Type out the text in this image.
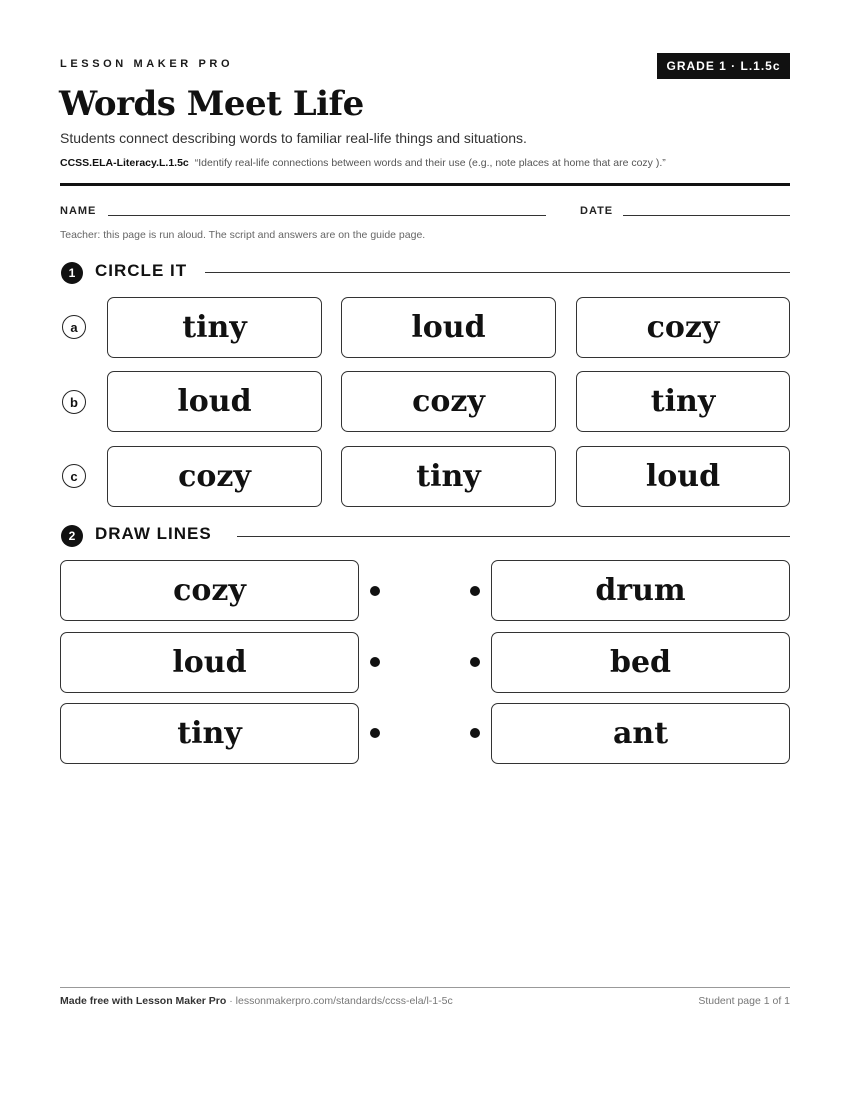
LESSON MAKER PRO	GRADE 1 · L.1.5c
Words Meet Life
Students connect describing words to familiar real-life things and situations.
CCSS.ELA-Literacy.L.1.5c “Identify real-life connections between words and their use (e.g., note places at home that are cozy ).”
NAME	DATE
Teacher: this page is run aloud. The script and answers are on the guide page.
1	CIRCLE IT
a	tiny	loud	cozy
b	loud	cozy	tiny
c	cozy	tiny	loud
2	DRAW LINES
cozy	drum
loud	bed
tiny	ant
Made free with Lesson Maker Pro · lessonmakerpro.com/standards/ccss-ela/l-1-5c	Student page 1 of 1
